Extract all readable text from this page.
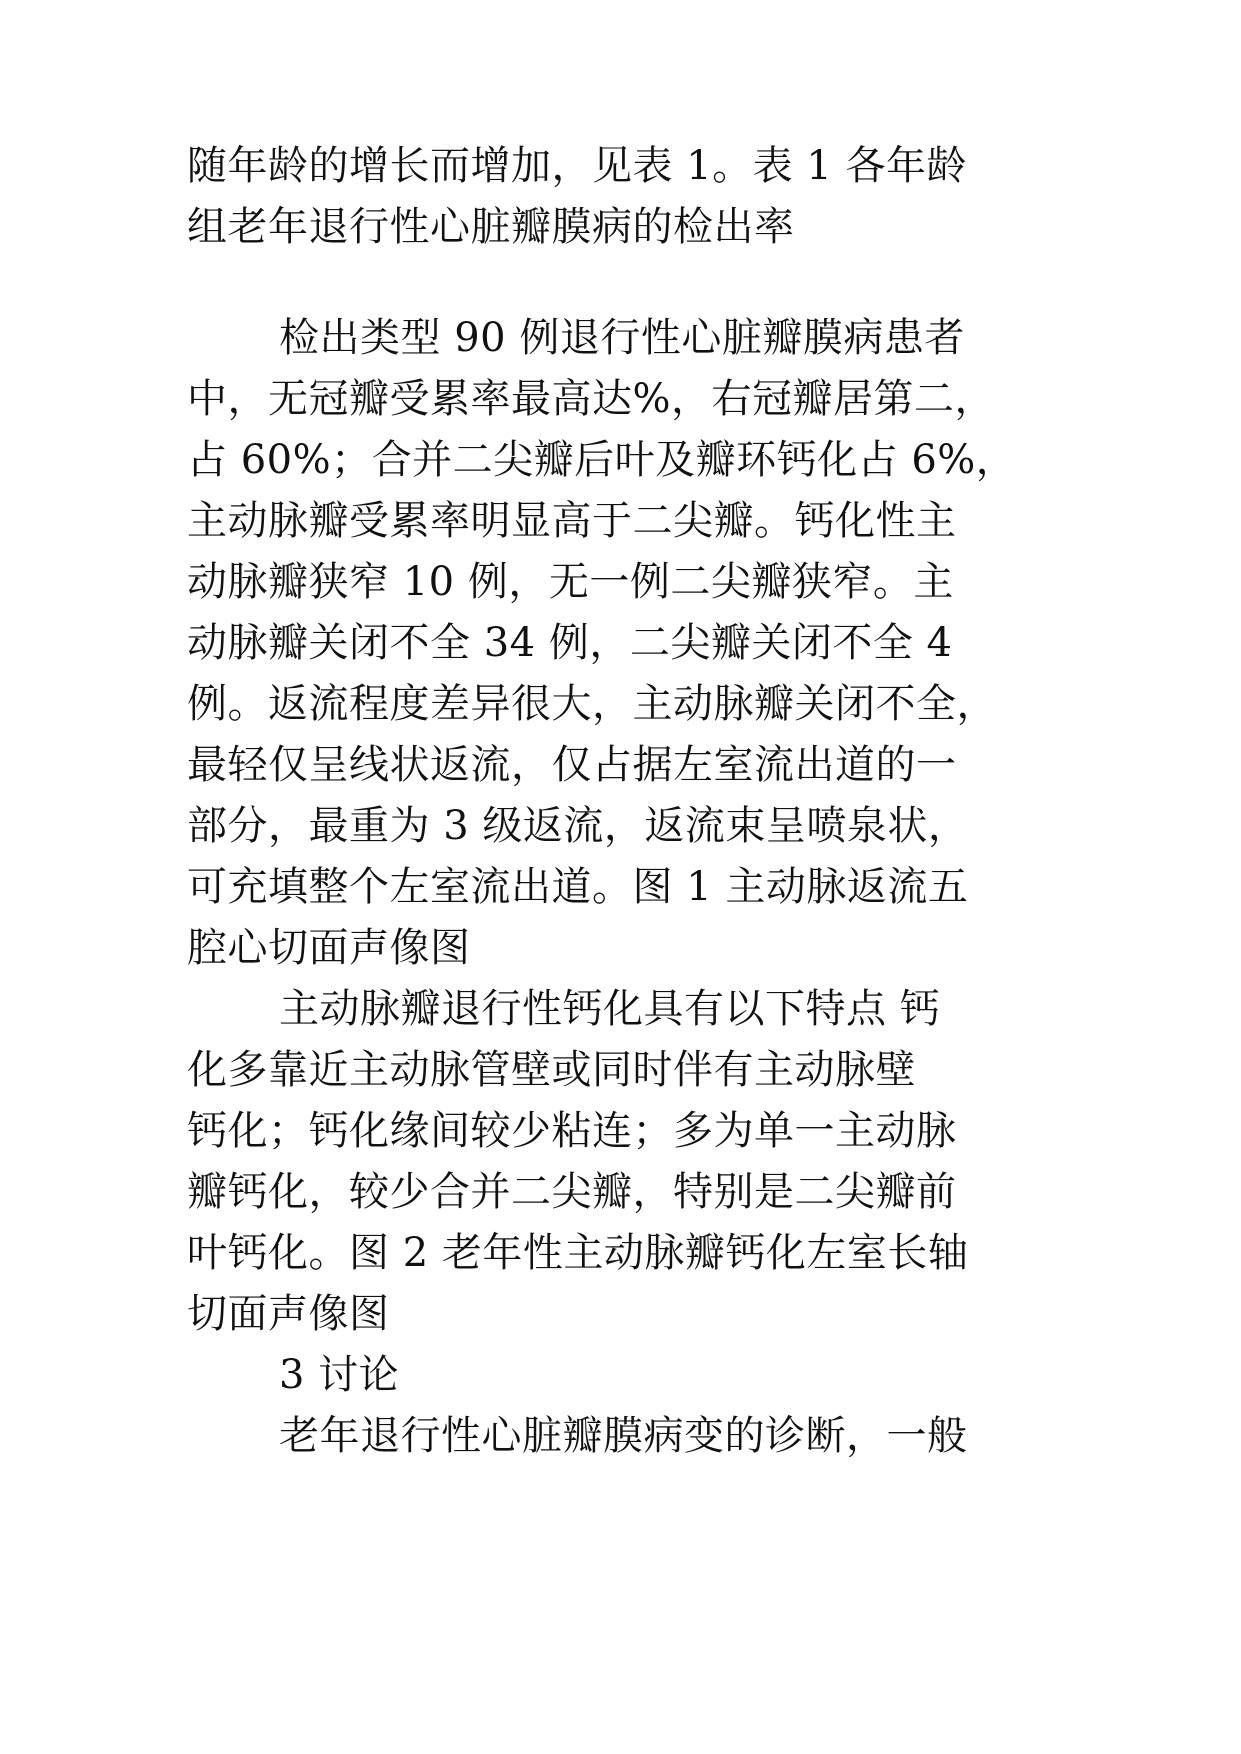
随年龄的增长而增加，见表 1。表 1 各年龄

组老年退行性心脏瓣膜病的检出率

检出类型 90 例退行性心脏瓣膜病患者

中，无冠瓣受累率最高达%，右冠瓣居第二，

占 60%；合并二尖瓣后叶及瓣环钙化占 6%，

主动脉瓣受累率明显高于二尖瓣。钙化性主

动脉瓣狭窄 10 例，无一例二尖瓣狭窄。主

动脉瓣关闭不全 34 例，二尖瓣关闭不全 4

例。返流程度差异很大，主动脉瓣关闭不全，

最轻仅呈线状返流，仅占据左室流出道的一

部分，最重为 3 级返流，返流束呈喷泉状，

可充填整个左室流出道。图 1 主动脉返流五

腔心切面声像图

主动脉瓣退行性钙化具有以下特点 钙

化多靠近主动脉管壁或同时伴有主动脉壁

钙化；钙化缘间较少粘连；多为单一主动脉

瓣钙化，较少合并二尖瓣，特别是二尖瓣前

叶钙化。图 2 老年性主动脉瓣钙化左室长轴

切面声像图

3 讨论

老年退行性心脏瓣膜病变的诊断，一般
